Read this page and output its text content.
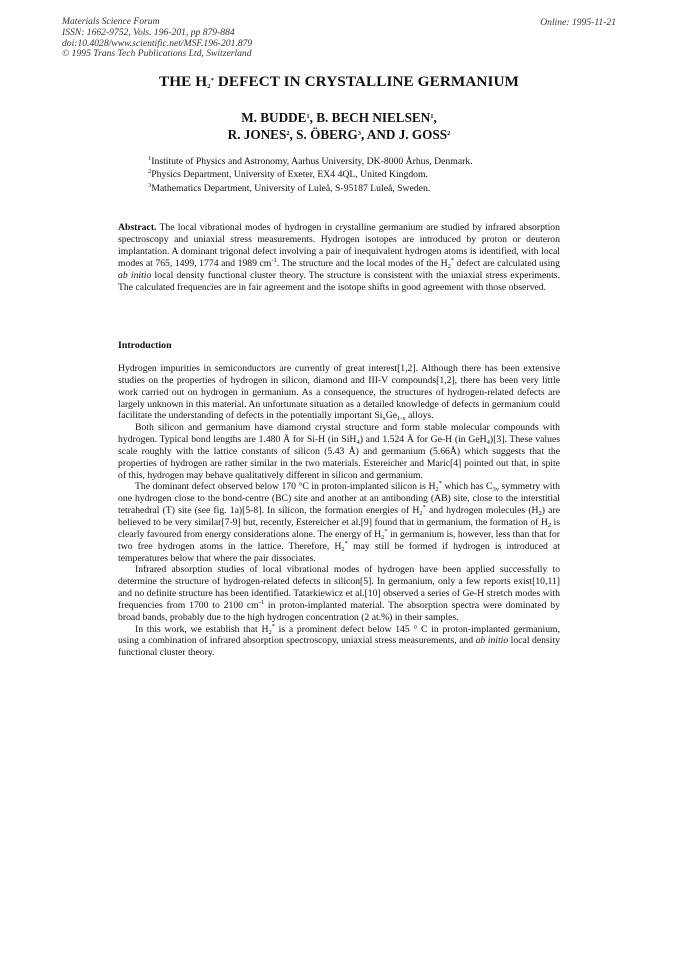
Materials Science Forum
ISSN: 1662-9752, Vols. 196-201, pp 879-884
doi:10.4028/www.scientific.net/MSF.196-201.879
© 1995 Trans Tech Publications Ltd, Switzerland
Online: 1995-11-21
THE $H_2^*$ DEFECT IN CRYSTALLINE GERMANIUM
M. BUDDE$^1$, B. BECH NIELSEN$^1$,
R. JONES$^2$, S. ÖBERG$^3$, AND J. GOSS$^2$
$^1$Institute of Physics and Astronomy, Aarhus University, DK-8000 Århus, Denmark.
$^2$Physics Department, University of Exeter, EX4 4QL, United Kingdom.
$^3$Mathematics Department, University of Luleå, S-95187 Luleå, Sweden.
Abstract. The local vibrational modes of hydrogen in crystalline germanium are studied by infrared absorption spectroscopy and uniaxial stress measurements. Hydrogen isotopes are introduced by proton or deuteron implantation. A dominant trigonal defect involving a pair of inequivalent hydrogen atoms is identified, with local modes at 765, 1499, 1774 and 1989 $cm^{-1}$. The structure and the local modes of the $H_2^*$ defect are calculated using ab initio local density functional cluster theory. The structure is consistent with the uniaxial stress experiments. The calculated frequencies are in fair agreement and the isotope shifts in good agreement with those observed.
Introduction

Hydrogen impurities in semiconductors are currently of great interest[1,2]. Although there has been extensive studies on the properties of hydrogen in silicon, diamond and III-V compounds[1,2], there has been very little work carried out on hydrogen in germanium. As a consequence, the structures of hydrogen-related defects are largely unknown in this material. An unfortunate situation as a detailed knowledge of defects in germanium could facilitate the understanding of defects in the potentially important $Si_xGe_{1-x}$ alloys.

Both silicon and germanium have diamond crystal structure and form stable molecular compounds with hydrogen. Typical bond lengths are 1.480 Å for Si-H (in SiH$_4$) and 1.524 Å for Ge-H (in GeH$_4$)[3]. These values scale roughly with the lattice constants of silicon (5.43 Å) and germanium (5.66Å) which suggests that the properties of hydrogen are rather similar in the two materials. Estereicher and Maric[4] pointed out that, in spite of this, hydrogen may behave qualitatively different in silicon and germanium.

The dominant defect observed below 170 °C in proton-implanted silicon is $H_2^*$ which has $C_{3v}$ symmetry with one hydrogen close to the bond-centre (BC) site and another at an antibonding (AB) site, close to the interstitial tetrahedral (T) site (see fig. 1a)[5-8]. In silicon, the formation energies of $H_2^*$ and hydrogen molecules $(H_2)$ are believed to be very similar[7-9] but, recently, Estereicher et al.[9] found that in germanium, the formation of $H_2$ is clearly favoured from energy considerations alone. The energy of $H_2^*$ in germanium is, however, less than that for two free hydrogen atoms in the lattice. Therefore, $H_2^*$ may still be formed if hydrogen is introduced at temperatures below that where the pair dissociates.

Infrared absorption studies of local vibrational modes of hydrogen have been applied successfully to determine the structure of hydrogen-related defects in silicon[5]. In germanium, only a few reports exist[10,11] and no definite structure has been identified. Tatarkiewicz et al.[10] observed a series of Ge-H stretch modes with frequencies from 1700 to 2100 $cm^{-1}$ in proton-implanted material. The absorption spectra were dominated by broad bands, probably due to the high hydrogen concentration (2 at.%) in their samples.

In this work, we establish that $H_2^*$ is a prominent defect below 145 ° C in proton-implanted germanium, using a combination of infrared absorption spectroscopy, uniaxial stress measurements, and ab initio local density functional cluster theory.
